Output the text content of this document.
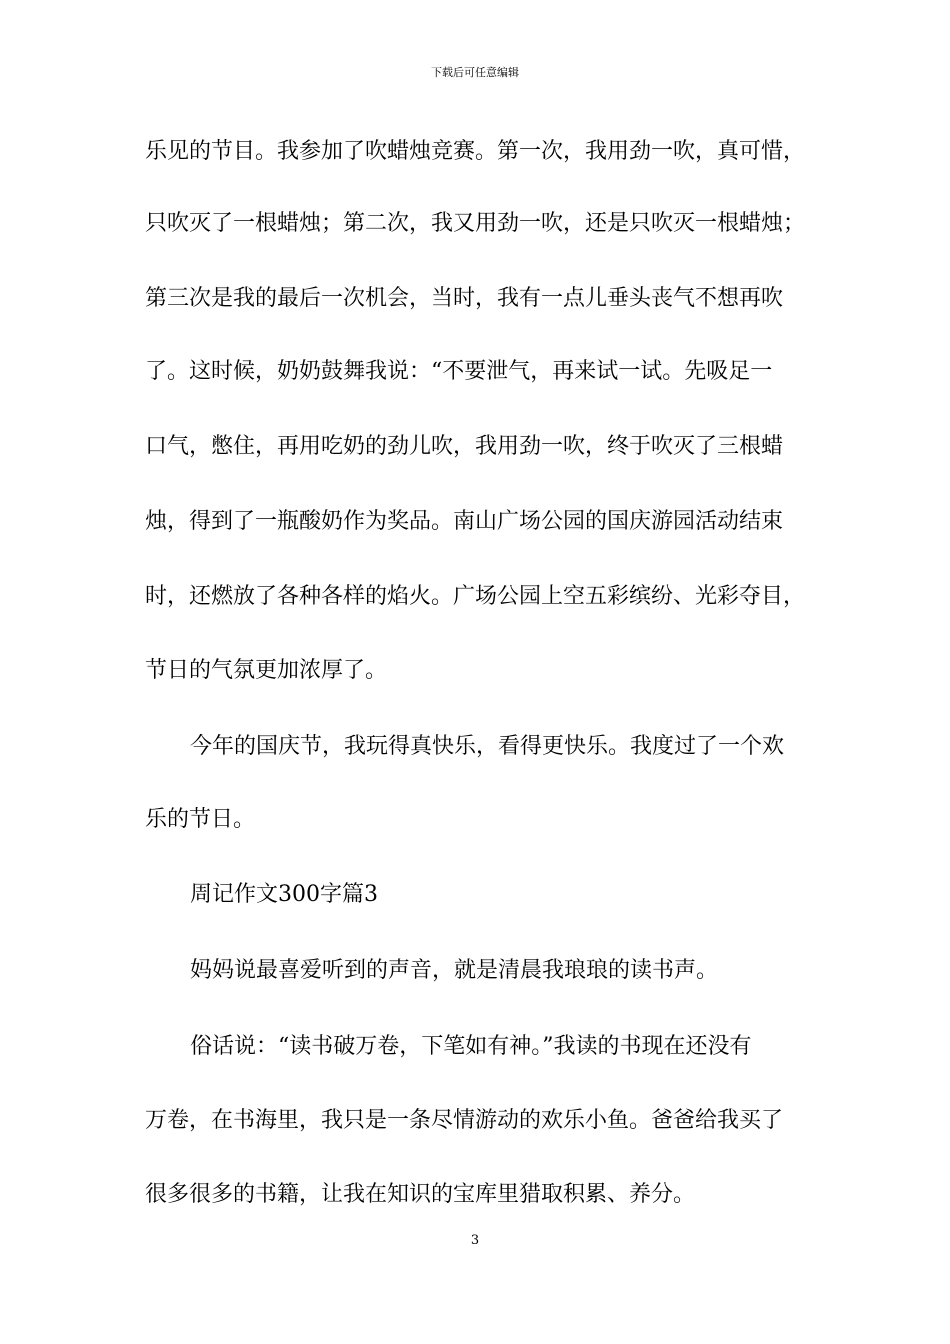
下载后可任意编辑
乐见的节目。我参加了吹蜡烛竞赛。第一次，我用劲一吹，真可惜，
只吹灭了一根蜡烛；第二次，我又用劲一吹，还是只吹灭一根蜡烛；
第三次是我的最后一次机会，当时，我有一点儿垂头丧气不想再吹
了。这时候，奶奶鼓舞我说：“不要泄气，再来试一试。先吸足一
口气，憋住，再用吃奶的劲儿吹，我用劲一吹，终于吹灭了三根蜡
烛，得到了一瓶酸奶作为奖品。南山广场公园的国庆游园活动结束
时，还燃放了各种各样的焰火。广场公园上空五彩缤纷、光彩夺目，
节日的气氛更加浓厚了。
今年的国庆节，我玩得真快乐，看得更快乐。我度过了一个欢
乐的节日。
周记作文300字篇3
妈妈说最喜爱听到的声音，就是清晨我琅琅的读书声。
俗话说：“读书破万卷，下笔如有神。”我读的书现在还没有
万卷，在书海里，我只是一条尽情游动的欢乐小鱼。爸爸给我买了
很多很多的书籍，让我在知识的宝库里猎取积累、养分。
3
